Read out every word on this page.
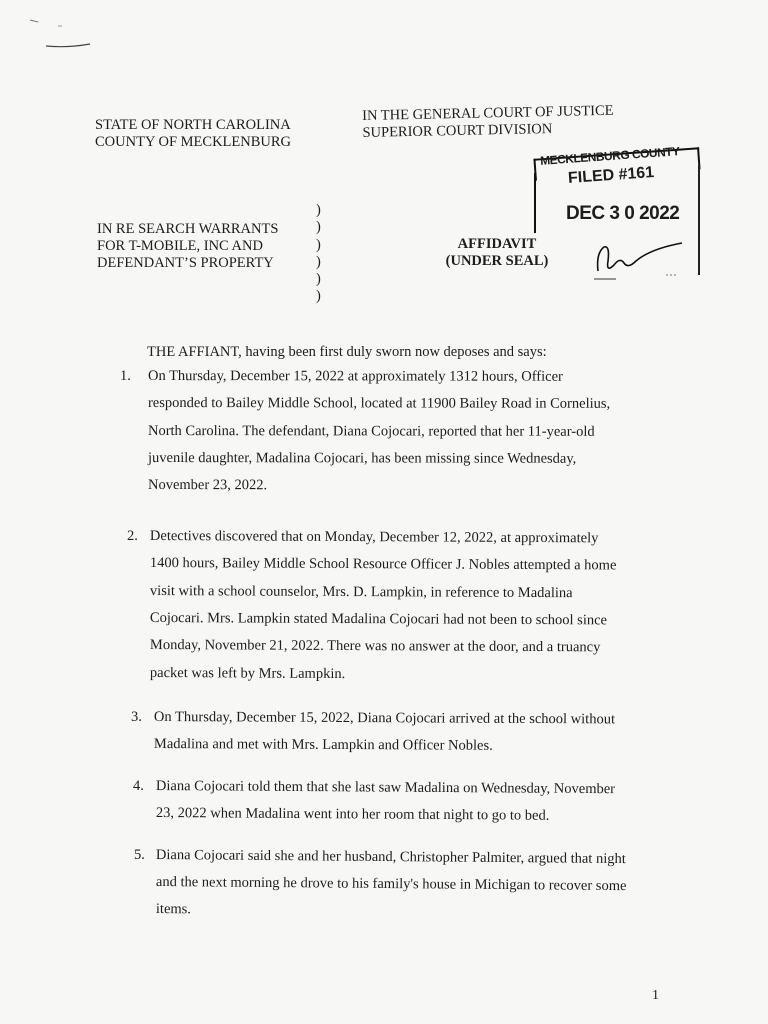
STATE OF NORTH CAROLINA
COUNTY OF MECKLENBURG
IN THE GENERAL COURT OF JUSTICE
SUPERIOR COURT DIVISION
IN RE SEARCH WARRANTS
FOR T-MOBILE, INC AND
DEFENDANT’S PROPERTY
)
)
)
)
)
)
AFFIDAVIT
(UNDER SEAL)
MECKLENBURG COUNTY
FILED #161
DEC 3 0 2022
THE AFFIANT, having been first duly sworn now deposes and says:
1. On Thursday, December 15, 2022 at approximately 1312 hours, Officer
responded to Bailey Middle School, located at 11900 Bailey Road in Cornelius,
North Carolina. The defendant, Diana Cojocari, reported that her 11-year-old
juvenile daughter, Madalina Cojocari, has been missing since Wednesday,
November 23, 2022.
2. Detectives discovered that on Monday, December 12, 2022, at approximately
1400 hours, Bailey Middle School Resource Officer J. Nobles attempted a home
visit with a school counselor, Mrs. D. Lampkin, in reference to Madalina
Cojocari. Mrs. Lampkin stated Madalina Cojocari had not been to school since
Monday, November 21, 2022. There was no answer at the door, and a truancy
packet was left by Mrs. Lampkin.
3. On Thursday, December 15, 2022, Diana Cojocari arrived at the school without
Madalina and met with Mrs. Lampkin and Officer Nobles.
4. Diana Cojocari told them that she last saw Madalina on Wednesday, November
23, 2022 when Madalina went into her room that night to go to bed.
5. Diana Cojocari said she and her husband, Christopher Palmiter, argued that night
and the next morning he drove to his family's house in Michigan to recover some
items.
1
